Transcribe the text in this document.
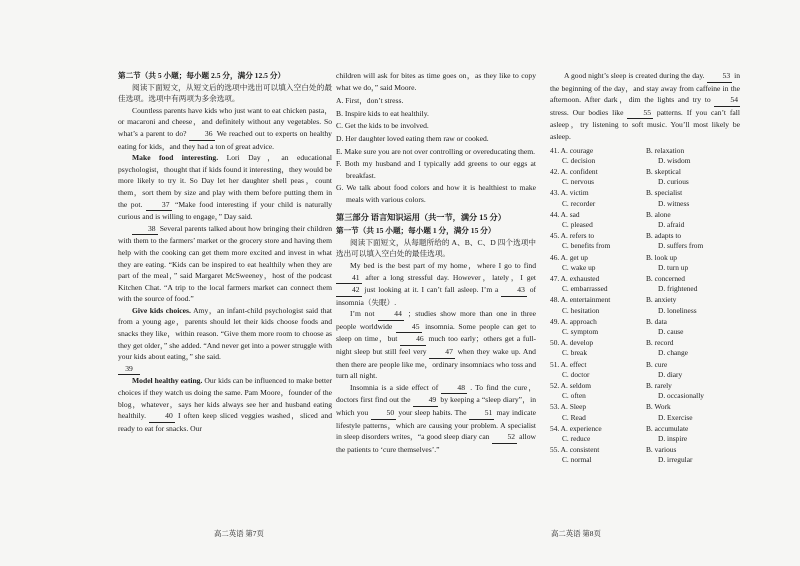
第二节（共 5 小题；每小题 2.5 分，满分 12.5 分）

阅读下面短文，从短文后的选项中选出可以填入空白处的最佳选项。选项中有两项为多余选项。

Countless parents have kids who just want to eat chicken pasta，or macaroni and cheese，and definitely without any vegetables. So what’s a parent to do? 36 We reached out to experts on healthy eating for kids，and they had a ton of great advice.

Make food interesting. Lori Day，an educational psychologist，thought that if kids found it interesting，they would be more likely to try it. So Day let her daughter shell peas，count them，sort them by size and play with them before putting them in the pot.	37 “Make food interesting if your child is naturally curious and is willing to engage，” Day said.

38 Several parents talked about how bringing their children with them to the farmers’ market or the grocery store and having them help with the cooking can get them more excited and invest in what they are eating. “Kids can be inspired to eat healthily when they are part of the meal，” said Margaret McSweeney，host of the podcast Kitchen Chat. “A trip to the local farmers market can connect them with the source of food.”

Give kids choices. Amy，an infant-child psychologist said that from a young age，parents should let their kids choose foods and snacks they like，within reason. “Give them more room to choose as they get older，” she added. “And never get into a power struggle with your kids about eating，” she said.

39

Model healthy eating. Our kids can be influenced to make better choices if they watch us doing the same. Pam Moore，founder of the blog，whatever，says her kids always see her and husband eating healthily.	40 I often keep sliced veggies washed，sliced and ready to eat for snacks. Our

children will ask for bites as time goes on，as they like to copy what we do，” said Moore.

A. First，don’t stress.

B. Inspire kids to eat healthily.

C. Get the kids to be involved.

D. Her daughter loved eating them raw or cooked.

E. Make sure you are not over controlling or overeducating them.

F. Both my husband and I typically add greens to our eggs at breakfast.

G. We talk about food colors and how it is healthiest to make meals with various colors.

第三部分 语言知识运用（共一节，满分 15 分）

第一节（共 15 小题；每小题 1 分，满分 15 分）

阅读下面短文，从每题所给的 A、B、C、D 四个选项中选出可以填入空白处的最佳选项。

My bed is the best part of my home，where I go to find 41 after a long stressful day. However，lately，I get 42 just looking at it. I can’t fall asleep. I’m a 43 of insomnia（失眠）.

I’m not	44 ；studies show more than one in three people worldwide	45 insomnia. Some people can get to sleep on time，but 46 much too early；others get a full-night sleep but still feel very 47 when they wake up. And then there are people like me，ordinary insomniacs who toss and turn all night.

Insomnia is a side effect of	48 . To find the cure，doctors first find out the 49 by keeping a “sleep diary”，in which you 50 your sleep habits. The 51 may indicate lifestyle patterns，which are causing your problem. A specialist in sleep disorders writes，“a good sleep diary can 52 allow the patients to ‘cure themselves’.”

A good night’s sleep is created during the day. 53 in the beginning of the day，and stay away from caffeine in the afternoon. After dark，dim the lights and try to	54 stress. Our bodies like	55 patterns. If you can’t fall asleep，try listening to soft music. You’ll most likely be asleep.

41. A. courage	B. relaxation
C. decision	D. wisdom
42. A. confident	B. skeptical
C. nervous	D. curious
43. A. victim	B. specialist
C. recorder	D. witness
44. A. sad	B. alone
C. pleased	D. afraid
45. A. refers to	B. adapts to
C. benefits from	D. suffers from
46. A. get up	B. look up
C. wake up	D. turn up
47. A. exhausted	B. concerned
C. embarrassed	D. frightened
48. A. entertainment	B. anxiety
C. hesitation	D. loneliness
49. A. approach	B. data
C. symptom	D. cause
50. A. develop	B. record
C. break	D. change
51. A. effect	B. cure
C. doctor	D. diary
52. A. seldom	B. rarely
C. often	D. occasionally
53. A. Sleep	B. Work
C. Read	D. Exercise
54. A. experience	B. accumulate
C. reduce	D. inspire
55. A. consistent	B. various
C. normal	D. irregular
高二英语 第7页	高二英语 第8页
